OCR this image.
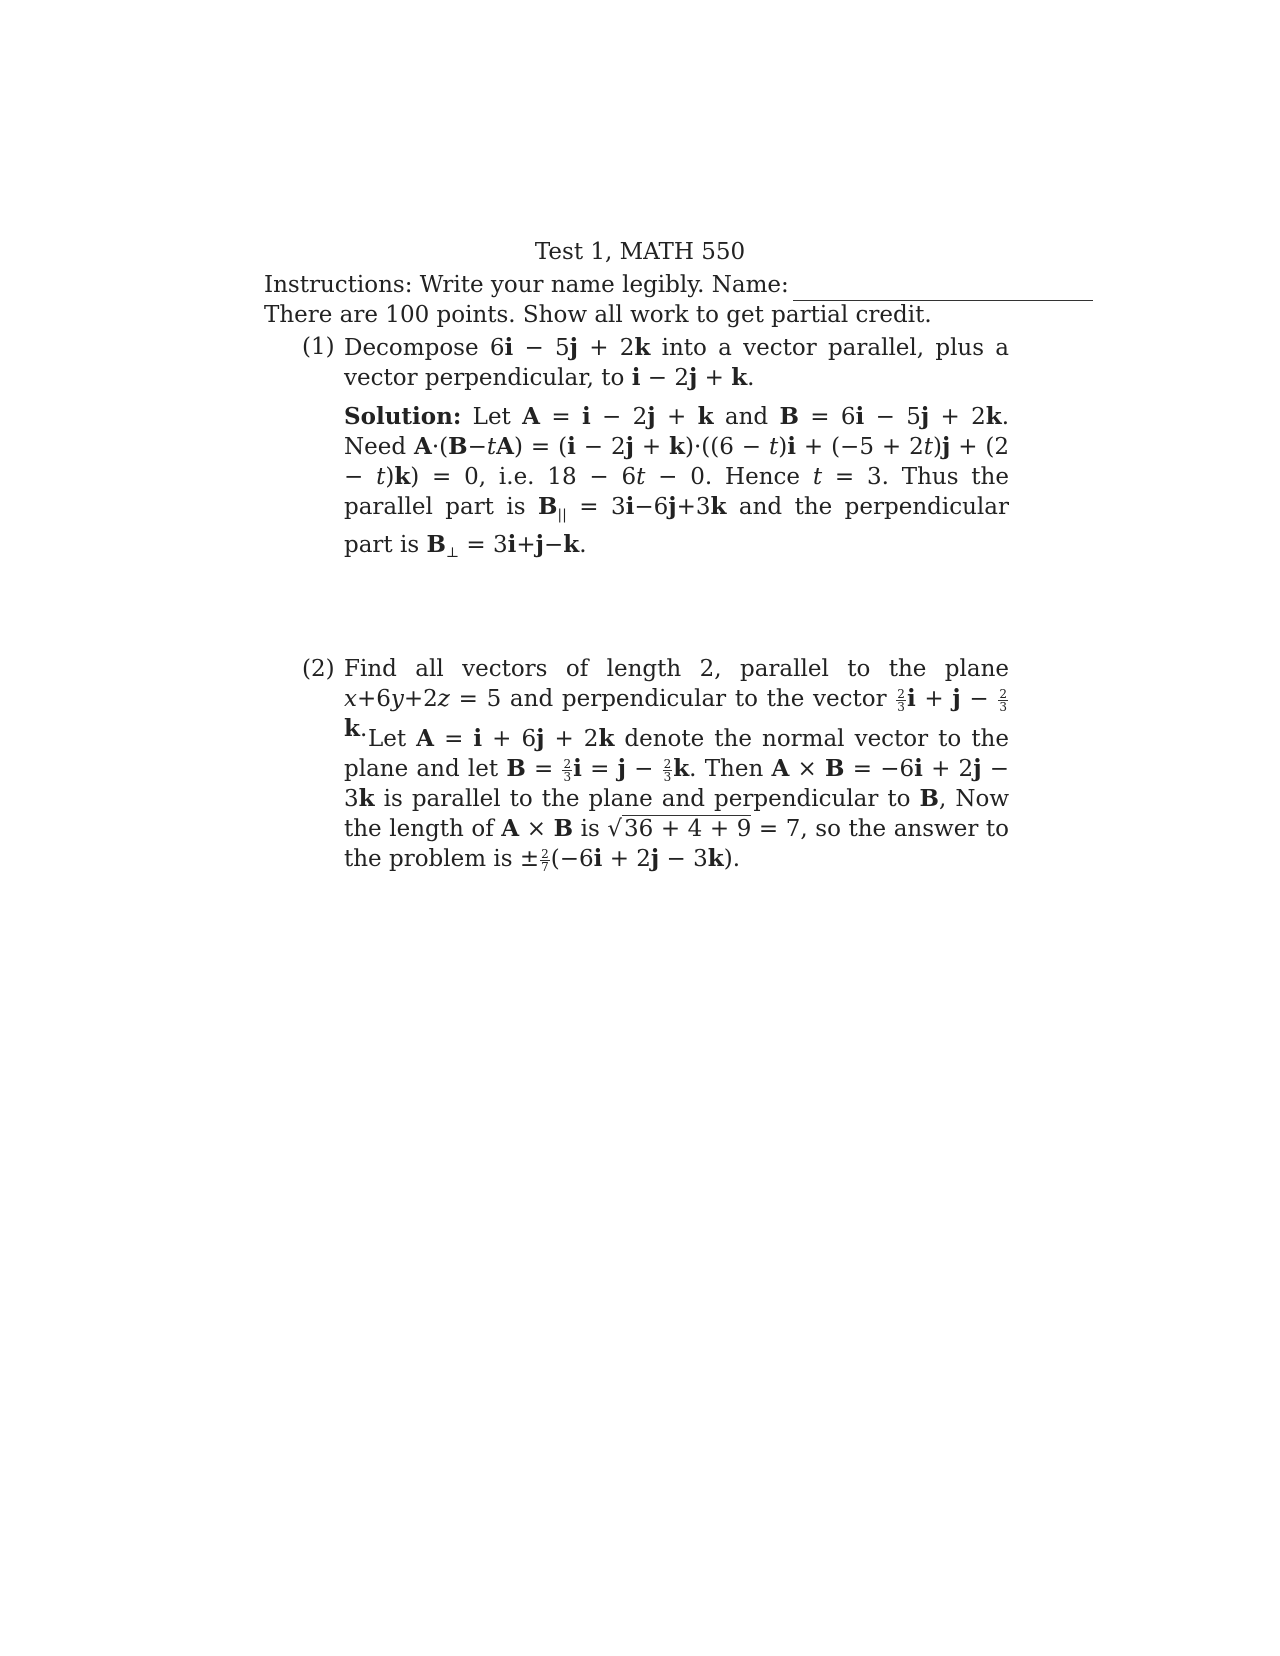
Test 1, MATH 550
Instructions: Write your name legibly. Name:
There are 100 points. Show all work to get partial credit.
(1) Decompose 6i − 5j + 2k into a vector parallel, plus a vector perpendicular, to i − 2j + k.
Solution: Let A = i − 2j + k and B = 6i − 5j + 2k. Need A·(B−tA) = (i − 2j + k)·((6 − t)i + (−5 + 2t)j + (2 − t)k) = 0, i.e. 18 − 6t − 0. Hence t = 3. Thus the parallel part is $B_{||} = 3i-6j+3k$ and the perpendicular part is $B_\perp = 3i+j-k$.
(2) Find all vectors of length 2, parallel to the plane x+6y+2z = 5 and perpendicular to the vector $\frac{2}{3}$ $i + j - \frac{2}{3}$
k. Let A = i + 6j + 2k denote the normal vector to the plane and let $B = \frac{2}{3}$ $i = j - \frac{2}{3} k$. Then A × B = −6i + 2j − 3k is parallel to the plane and perpendicular to B, Now the length of A × B is √36 + 4 + 9 = 7, so the answer to the problem is ± $\frac{2}{7} (-6i + 2j - 3k)$.
